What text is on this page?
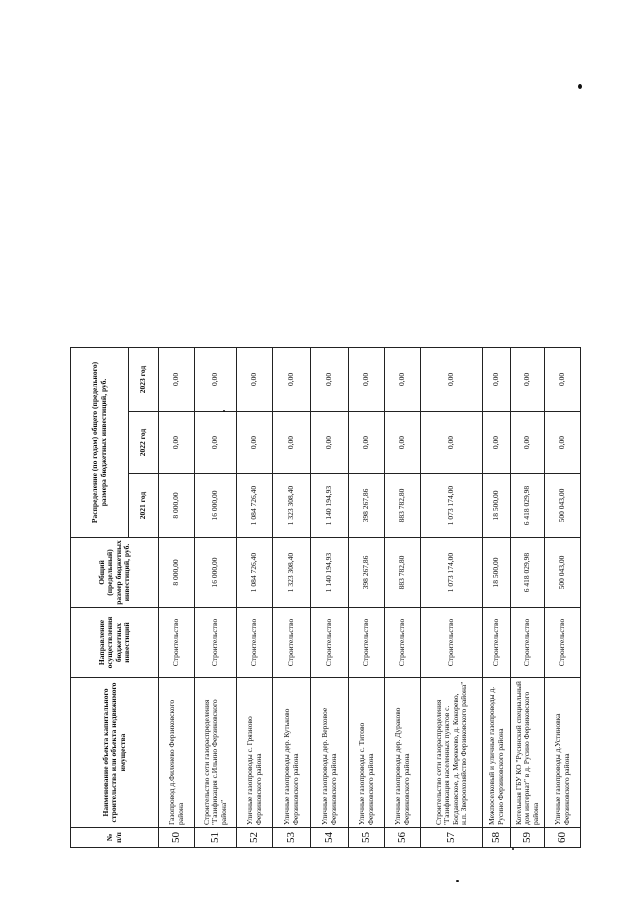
№ п/п	Наименование объекта капитального строительства или объекта недвижимого имущества	Направление осуществления бюджетных инвестиций	Общий (предельный) размер бюджетных инвестиций, руб.	Распределение (по годам) общего (предельного) размера бюджетных инвестиций, руб.		
				2021 год	2022 год	2023 год
50	Газопровод д.Филенево Ферзиковского района	Строительство	8 000,00	8 000,00	0,00	0,00
51	Строительство сети газораспределения "Газификация с.Ильино Ферзиковского района"	Строительство	16 000,00	16 000,00	0,00	0,00
52	Уличные газопроводы с. Грязново Ферзиковского района	Строительство	1 084 726,40	1 084 726,40	0,00	0,00
53	Уличные газопроводы дер. Кутьково Ферзиковского района	Строительство	1 323 308,40	1 323 308,40	0,00	0,00
54	Уличные газопроводы дер. Верховое Ферзиковского района	Строительство	1 140 194,93	1 140 194,93	0,00	0,00
55	Уличные газопроводы с. Титово Ферзиковского района	Строительство	398 267,86	398 267,86	0,00	0,00
56	Уличные газопроводы дер. Дураково Ферзиковского района	Строительство	883 782,80	883 782,80	0,00	0,00
57	Строительство сети газораспределения "Газификация населенных пунктов с. Богдановское, д. Мерекеево, д. Кокорево, н.п. Звероохозяйство Ферзиковского района"	Строительство	1 073 174,00	1 073 174,00	0,00	0,00
58	Межпоселковый и уличные газопроводы д. Русино Ферзиковского района	Строительство	18 500,00	18 500,00	0,00	0,00
59	Котельная ГБУ КО "Русинский специальный дом интернат" в д. Русино Ферзиковского района	Строительство	6 418 029,98	6 418 029,98	0,00	0,00
60	Уличные газопроводы д.Устиновка Ферзиковского района	Строительство	500 043,00	500 043,00	0,00	0,00
